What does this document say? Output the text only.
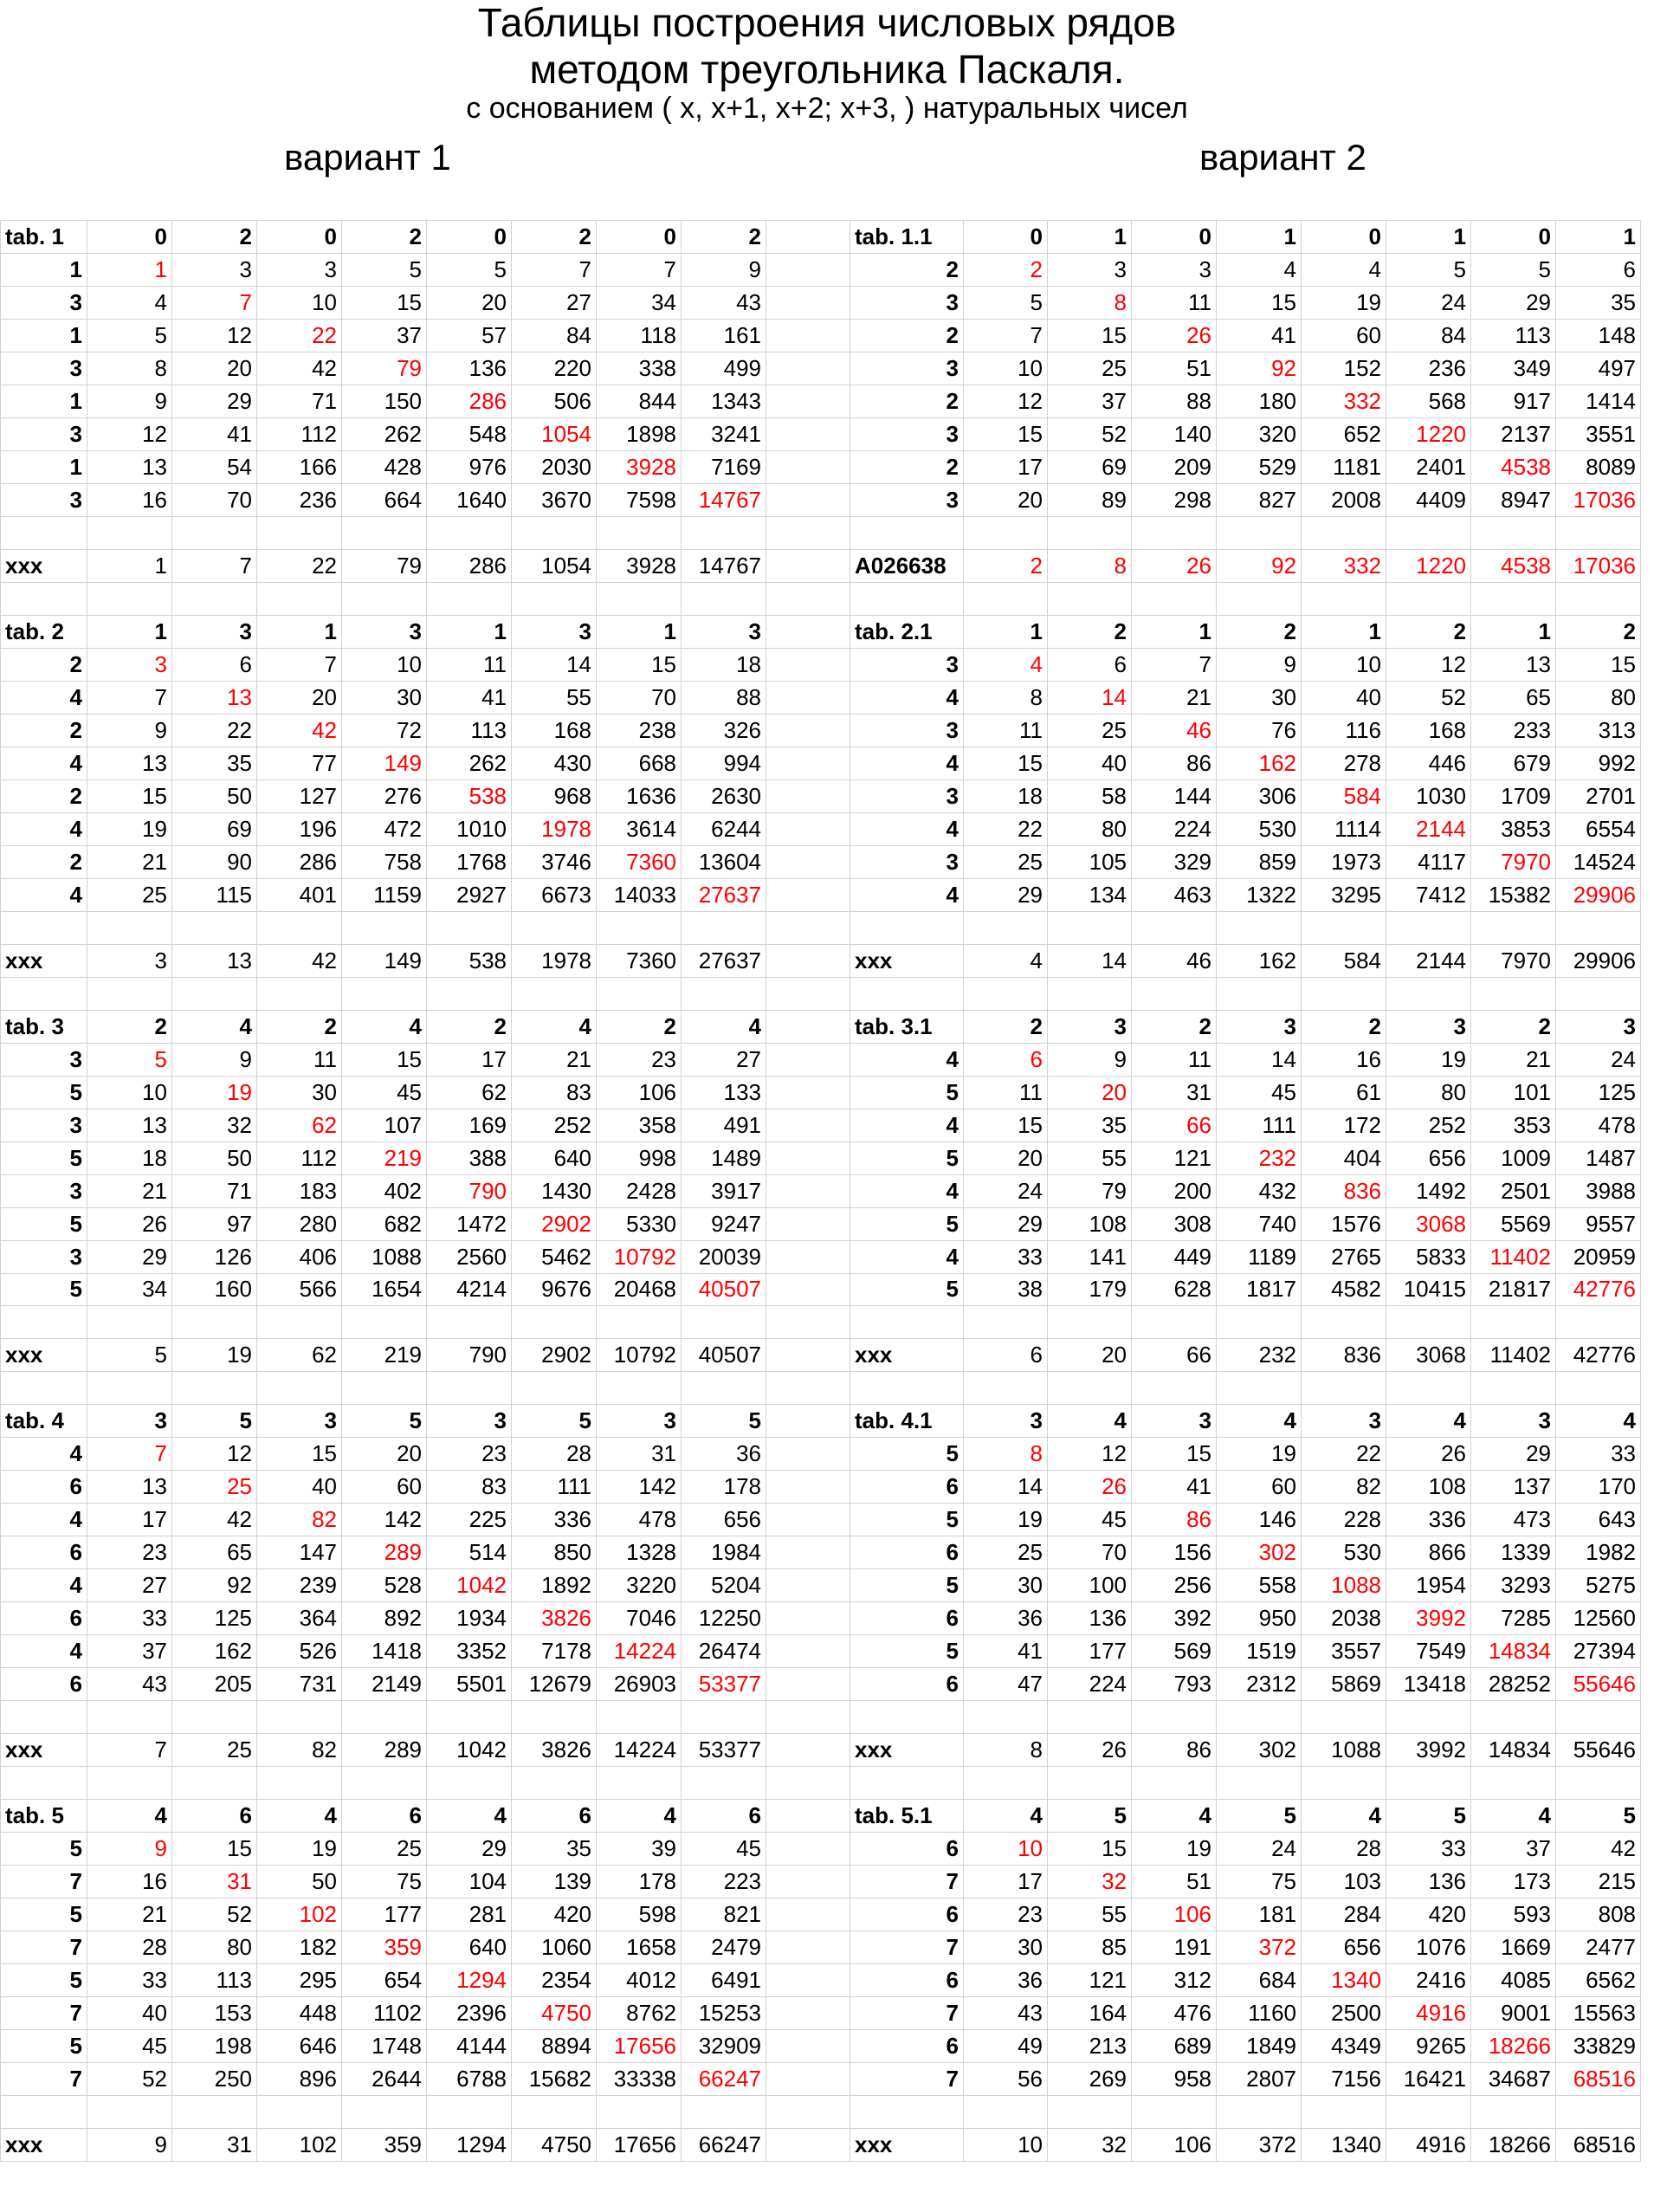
Таблицы построения числовых рядов
методом треугольника Паскаля.
с основанием ( x, x+1, x+2; x+3, ) натуральных чисел
вариант 1	вариант 2
tab. 1	0	2	0	2	0	2	0	2		tab. 1.1	0	1	0	1	0	1	0	1
1	1	3	3	5	5	7	7	9		2	2	3	3	4	4	5	5	6
3	4	7	10	15	20	27	34	43		3	5	8	11	15	19	24	29	35
1	5	12	22	37	57	84	118	161		2	7	15	26	41	60	84	113	148
3	8	20	42	79	136	220	338	499		3	10	25	51	92	152	236	349	497
1	9	29	71	150	286	506	844	1343		2	12	37	88	180	332	568	917	1414
3	12	41	112	262	548	1054	1898	3241		3	15	52	140	320	652	1220	2137	3551
1	13	54	166	428	976	2030	3928	7169		2	17	69	209	529	1181	2401	4538	8089
3	16	70	236	664	1640	3670	7598	14767		3	20	89	298	827	2008	4409	8947	17036

xxx	1	7	22	79	286	1054	3928	14767		A026638	2	8	26	92	332	1220	4538	17036

tab. 2	1	3	1	3	1	3	1	3		tab. 2.1	1	2	1	2	1	2	1	2
2	3	6	7	10	11	14	15	18		3	4	6	7	9	10	12	13	15
4	7	13	20	30	41	55	70	88		4	8	14	21	30	40	52	65	80
2	9	22	42	72	113	168	238	326		3	11	25	46	76	116	168	233	313
4	13	35	77	149	262	430	668	994		4	15	40	86	162	278	446	679	992
2	15	50	127	276	538	968	1636	2630		3	18	58	144	306	584	1030	1709	2701
4	19	69	196	472	1010	1978	3614	6244		4	22	80	224	530	1114	2144	3853	6554
2	21	90	286	758	1768	3746	7360	13604		3	25	105	329	859	1973	4117	7970	14524
4	25	115	401	1159	2927	6673	14033	27637		4	29	134	463	1322	3295	7412	15382	29906

xxx	3	13	42	149	538	1978	7360	27637		xxx	4	14	46	162	584	2144	7970	29906

tab. 3	2	4	2	4	2	4	2	4		tab. 3.1	2	3	2	3	2	3	2	3
3	5	9	11	15	17	21	23	27		4	6	9	11	14	16	19	21	24
5	10	19	30	45	62	83	106	133		5	11	20	31	45	61	80	101	125
3	13	32	62	107	169	252	358	491		4	15	35	66	111	172	252	353	478
5	18	50	112	219	388	640	998	1489		5	20	55	121	232	404	656	1009	1487
3	21	71	183	402	790	1430	2428	3917		4	24	79	200	432	836	1492	2501	3988
5	26	97	280	682	1472	2902	5330	9247		5	29	108	308	740	1576	3068	5569	9557
3	29	126	406	1088	2560	5462	10792	20039		4	33	141	449	1189	2765	5833	11402	20959
5	34	160	566	1654	4214	9676	20468	40507		5	38	179	628	1817	4582	10415	21817	42776

xxx	5	19	62	219	790	2902	10792	40507		xxx	6	20	66	232	836	3068	11402	42776

tab. 4	3	5	3	5	3	5	3	5		tab. 4.1	3	4	3	4	3	4	3	4
4	7	12	15	20	23	28	31	36		5	8	12	15	19	22	26	29	33
6	13	25	40	60	83	111	142	178		6	14	26	41	60	82	108	137	170
4	17	42	82	142	225	336	478	656		5	19	45	86	146	228	336	473	643
6	23	65	147	289	514	850	1328	1984		6	25	70	156	302	530	866	1339	1982
4	27	92	239	528	1042	1892	3220	5204		5	30	100	256	558	1088	1954	3293	5275
6	33	125	364	892	1934	3826	7046	12250		6	36	136	392	950	2038	3992	7285	12560
4	37	162	526	1418	3352	7178	14224	26474		5	41	177	569	1519	3557	7549	14834	27394
6	43	205	731	2149	5501	12679	26903	53377		6	47	224	793	2312	5869	13418	28252	55646

xxx	7	25	82	289	1042	3826	14224	53377		xxx	8	26	86	302	1088	3992	14834	55646

tab. 5	4	6	4	6	4	6	4	6		tab. 5.1	4	5	4	5	4	5	4	5
5	9	15	19	25	29	35	39	45		6	10	15	19	24	28	33	37	42
7	16	31	50	75	104	139	178	223		7	17	32	51	75	103	136	173	215
5	21	52	102	177	281	420	598	821		6	23	55	106	181	284	420	593	808
7	28	80	182	359	640	1060	1658	2479		7	30	85	191	372	656	1076	1669	2477
5	33	113	295	654	1294	2354	4012	6491		6	36	121	312	684	1340	2416	4085	6562
7	40	153	448	1102	2396	4750	8762	15253		7	43	164	476	1160	2500	4916	9001	15563
5	45	198	646	1748	4144	8894	17656	32909		6	49	213	689	1849	4349	9265	18266	33829
7	52	250	896	2644	6788	15682	33338	66247		7	56	269	958	2807	7156	16421	34687	68516

xxx	9	31	102	359	1294	4750	17656	66247		xxx	10	32	106	372	1340	4916	18266	68516
